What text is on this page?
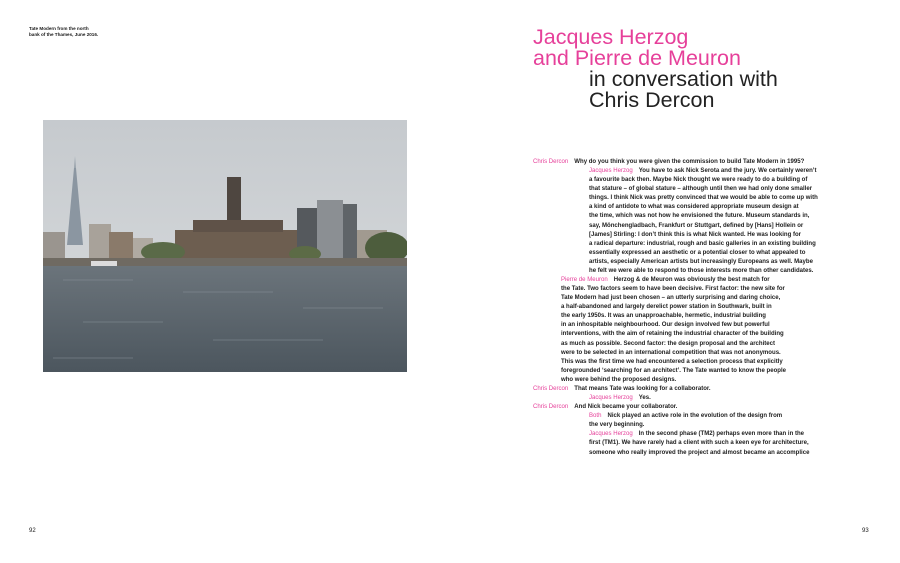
Tate Modern from the north
bank of the Thames, June 2016.
92
Jacques Herzog
and Pierre de Meuron
in conversation with
Chris Dercon
Chris Dercon Why do you think you were given the commission to build Tate Modern in 1995?
Jacques Herzog You have to ask Nick Serota and the jury. We certainly weren’t
a favourite back then. Maybe Nick thought we were ready to do a building of
that stature – of global stature – although until then we had only done smaller
things. I think Nick was pretty convinced that we would be able to come up with
a kind of antidote to what was considered appropriate museum design at
the time, which was not how he envisioned the future. Museum standards in,
say, Mönchengladbach, Frankfurt or Stuttgart, defined by [Hans] Hollein or
[James] Stirling: I don’t think this is what Nick wanted. He was looking for
a radical departure: industrial, rough and basic galleries in an existing building
essentially expressed an aesthetic or a potential closer to what appealed to
artists, especially American artists but increasingly Europeans as well. Maybe
he felt we were able to respond to those interests more than other candidates.
Pierre de Meuron Herzog & de Meuron was obviously the best match for
the Tate. Two factors seem to have been decisive. First factor: the new site for
Tate Modern had just been chosen – an utterly surprising and daring choice,
a half-abandoned and largely derelict power station in Southwark, built in
the early 1950s. It was an unapproachable, hermetic, industrial building
in an inhospitable neighbourhood. Our design involved few but powerful
interventions, with the aim of retaining the industrial character of the building
as much as possible. Second factor: the design proposal and the architect
were to be selected in an international competition that was not anonymous.
This was the first time we had encountered a selection process that explicitly
foregrounded ‘searching for an architect’. The Tate wanted to know the people
who were behind the proposed designs.
Chris Dercon That means Tate was looking for a collaborator.
Jacques Herzog Yes.
Chris Dercon And Nick became your collaborator.
Both Nick played an active role in the evolution of the design from
the very beginning.
Jacques Herzog In the second phase (TM2) perhaps even more than in the
first (TM1). We have rarely had a client with such a keen eye for architecture,
someone who really improved the project and almost became an accomplice
93
